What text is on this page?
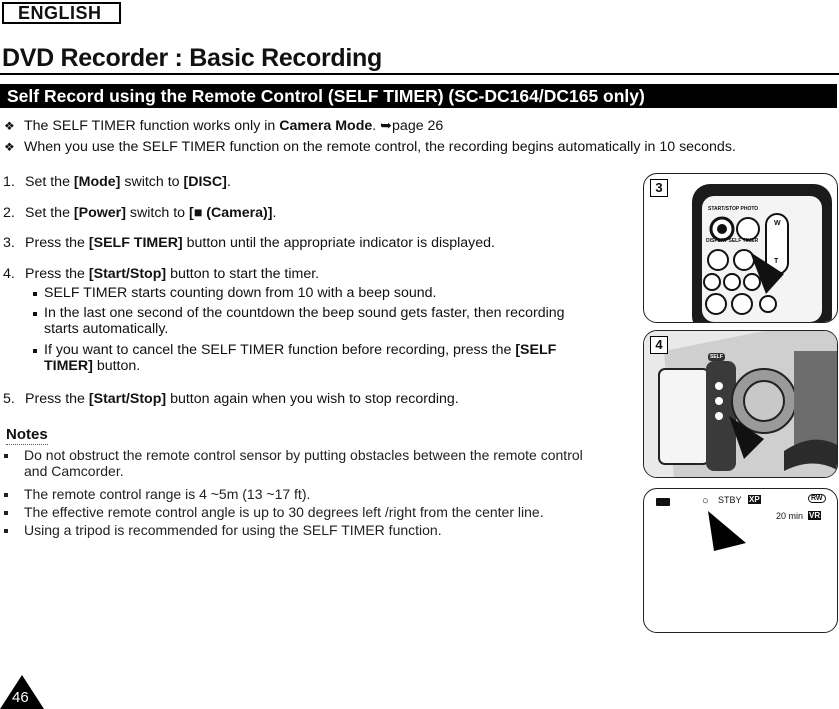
ENGLISH
DVD Recorder : Basic Recording
Self Record using the Remote Control (SELF TIMER) (SC-DC164/DC165 only)
❖ The SELF TIMER function works only in Camera Mode. ➥page 26
❖ When you use the SELF TIMER function on the remote control, the recording begins automatically in 10 seconds.
1. Set the [Mode] switch to [DISC].
2. Set the [Power] switch to [■ (Camera)].
3. Press the [SELF TIMER] button until the appropriate indicator is displayed.
4. Press the [Start/Stop] button to start the timer.
SELF TIMER starts counting down from 10 with a beep sound.
In the last one second of the countdown the beep sound gets faster, then recording
starts automatically.
If you want to cancel the SELF TIMER function before recording, press the [SELF
TIMER] button.
5. Press the [Start/Stop] button again when you wish to stop recording.
Notes
Do not obstruct the remote control sensor by putting obstacles between the remote control
and Camcorder.
The remote control range is 4 ~5m (13 ~17 ft).
The effective remote control angle is up to 30 degrees left /right from the center line.
Using a tripod is recommended for using the SELF TIMER function.
3
START/STOP PHOTO
DISPLAY SELF TIMER
W
T
4
SELF
○ STBY XP	RW
20 min VR
46
